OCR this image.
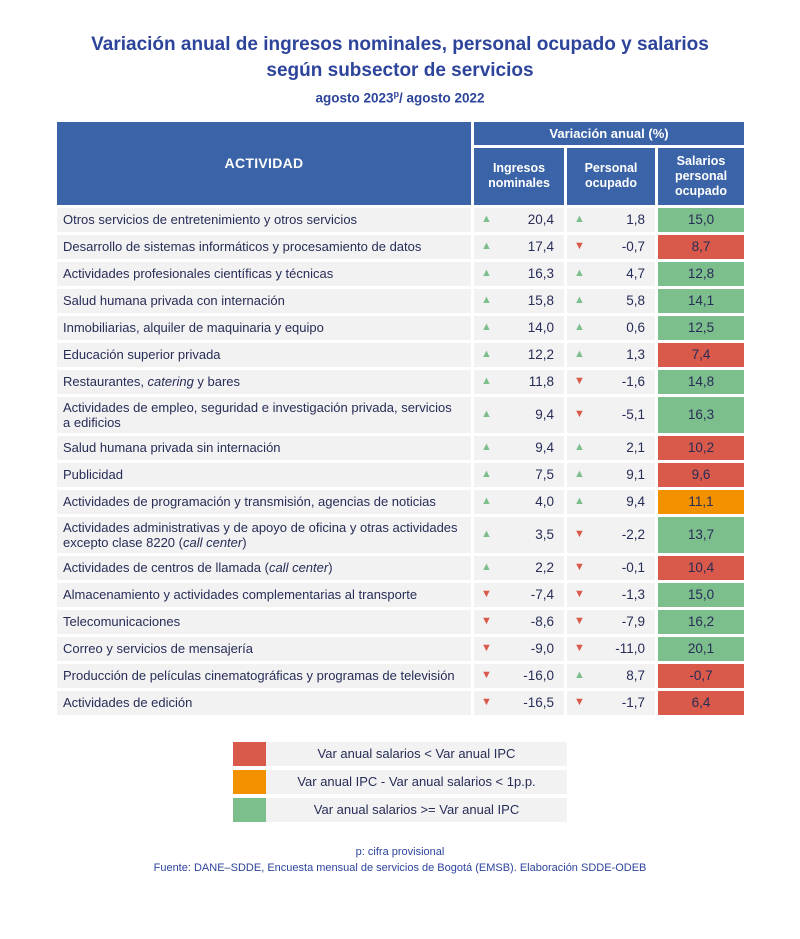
Variación anual de ingresos nominales, personal ocupado y salarios
según subsector de servicios
agosto 2023$^p$/ agosto 2022
ACTIVIDAD
Variación anual (%)
Ingresos nominales
Personal ocupado
Salarios personal ocupado
Otros servicios de entretenimiento y otros servicios	▲	20,4 ▲	1,8	15,0
Desarrollo de sistemas informáticos y procesamiento de datos	▲	17,4 ▼	-0,7	8,7
Actividades profesionales científicas y técnicas	▲	16,3 ▲	4,7	12,8
Salud humana privada con internación	▲	15,8 ▲	5,8	14,1
Inmobiliarias, alquiler de maquinaria y equipo	▲	14,0 ▲	0,6	12,5
Educación superior privada	▲	12,2 ▲	1,3	7,4
Restaurantes, catering y bares	▲	11,8 ▼	-1,6	14,8
Actividades de empleo, seguridad e investigación privada, servicios a edificios
▲	9,4 ▼	-5,1	16,3
Salud humana privada sin internación	▲	9,4 ▲	2,1	10,2
Publicidad	▲	7,5 ▲	9,1	9,6
Actividades de programación y transmisión, agencias de noticias	▲	4,0 ▲	9,4	11,1
Actividades administrativas y de apoyo de oficina y otras actividades excepto clase 8220 (call center)
▲	3,5 ▼	-2,2	13,7
Actividades de centros de llamada (call center)	▲	2,2 ▼	-0,1	10,4
Almacenamiento y actividades complementarias al transporte	▼	-7,4 ▼	-1,3	15,0
Telecomunicaciones	▼	-8,6 ▼	-7,9	16,2
Correo y servicios de mensajería	▼	-9,0 ▼ -11,0	20,1
Producción de películas cinematográficas y programas de televisión ▼ -16,0 ▲	8,7	-0,7
Actividades de edición	▼ -16,5 ▼	-1,7	6,4
Var anual salarios < Var anual IPC
Var anual IPC - Var anual salarios < 1p.p.
Var anual salarios >= Var anual IPC
p: cifra provisional
Fuente: DANE–SDDE, Encuesta mensual de servicios de Bogotá (EMSB). Elaboración SDDE-ODEB
